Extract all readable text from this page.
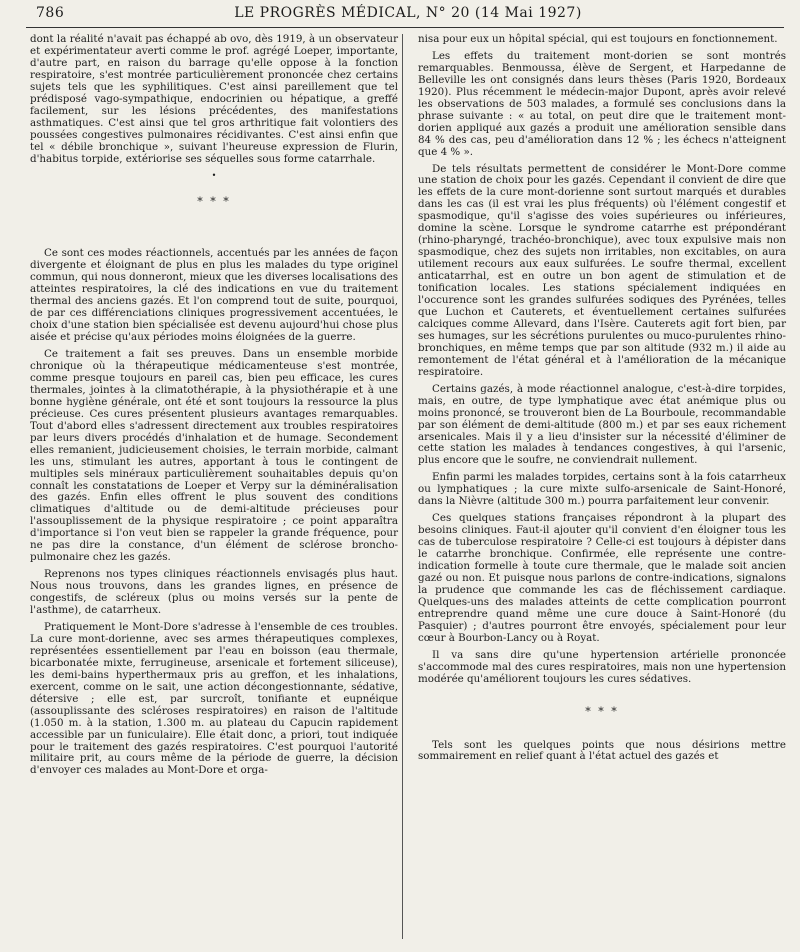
786	LE PROGRÈS MÉDICAL, N° 20 (14 Mai 1927)

dont la réalité n'avait pas échappé ab ovo, dès 1919, à un observateur et expérimentateur averti comme le prof. agrégé Loeper, importante, d'autre part, en raison du barrage qu'elle oppose à la fonction respiratoire, s'est montrée particulièrement prononcée chez certains sujets tels que les syphilitiques. C'est ainsi pareillement que tel prédisposé vago-sympathique, endocrinien ou hépatique, a greffé facilement, sur les lésions précédentes, des manifestations asthmatiques. C'est ainsi que tel gros arthritique fait volontiers des poussées congestives pulmonaires récidivantes. C'est ainsi enfin que tel « débile bronchique », suivant l'heureuse expression de Flurin, d'habitus torpide, extériorise ses séquelles sous forme catarrhale.

•
* * *

Ce sont ces modes réactionnels, accentués par les années de façon divergente et éloignant de plus en plus les malades du type originel commun, qui nous donneront, mieux que les diverses localisations des atteintes respiratoires, la clé des indications en vue du traitement thermal des anciens gazés. Et l'on comprend tout de suite, pourquoi, de par ces différenciations cliniques progressivement accentuées, le choix d'une station bien spécialisée est devenu aujourd'hui chose plus aisée et précise qu'aux périodes moins éloignées de la guerre.

Ce traitement a fait ses preuves. Dans un ensemble morbide chronique où la thérapeutique médicamenteuse s'est montrée, comme presque toujours en pareil cas, bien peu efficace, les cures thermales, jointes à la climatothérapie, à la physiothérapie et à une bonne hygiène générale, ont été et sont toujours la ressource la plus précieuse. Ces cures présentent plusieurs avantages remarquables. Tout d'abord elles s'adressent directement aux troubles respiratoires par leurs divers procédés d'inhalation et de humage. Secondement elles remanient, judicieusement choisies, le terrain morbide, calmant les uns, stimulant les autres, apportant à tous le contingent de multiples sels minéraux particulièrement souhaitables depuis qu'on connaît les constatations de Loeper et Verpy sur la déminéralisation des gazés. Enfin elles offrent le plus souvent des conditions climatiques d'altitude ou de demi-altitude précieuses pour l'assouplissement de la physique respiratoire ; ce point apparaîtra d'importance si l'on veut bien se rappeler la grande fréquence, pour ne pas dire la constance, d'un élément de sclérose broncho-pulmonaire chez les gazés.

Reprenons nos types cliniques réactionnels envisagés plus haut. Nous nous trouvons, dans les grandes lignes, en présence de congestifs, de scléreux (plus ou moins versés sur la pente de l'asthme), de catarrheux.

Pratiquement le Mont-Dore s'adresse à l'ensemble de ces troubles. La cure mont-dorienne, avec ses armes thérapeutiques complexes, représentées essentiellement par l'eau en boisson (eau thermale, bicarbonatée mixte, ferrugineuse, arsenicale et fortement siliceuse), les demi-bains hyperthermaux pris au greffon, et les inhalations, exercent, comme on le sait, une action décongestionnante, sédative, détersive ; elle est, par surcroît, tonifiante et eupnéique (assouplissante des scléroses respiratoires) en raison de l'altitude (1.050 m. à la station, 1.300 m. au plateau du Capucin rapidement accessible par un funiculaire). Elle était donc, a priori, tout indiquée pour le traitement des gazés respiratoires. C'est pourquoi l'autorité militaire prit, au cours même de la période de guerre, la décision d'envoyer ces malades au Mont-Dore et orga-

nisa pour eux un hôpital spécial, qui est toujours en fonctionnement.

Les effets du traitement mont-dorien se sont montrés remarquables. Benmoussa, élève de Sergent, et Harpedanne de Belleville les ont consignés dans leurs thèses (Paris 1920, Bordeaux 1920). Plus récemment le médecin-major Dupont, après avoir relevé les observations de 503 malades, a formulé ses conclusions dans la phrase suivante : « au total, on peut dire que le traitement mont-dorien appliqué aux gazés a produit une amélioration sensible dans 84 % des cas, peu d'amélioration dans 12 % ; les échecs n'atteignent que 4 % ».

De tels résultats permettent de considérer le Mont-Dore comme une station de choix pour les gazés. Cependant il convient de dire que les effets de la cure mont-dorienne sont surtout marqués et durables dans les cas (il est vrai les plus fréquents) où l'élément congestif et spasmodique, qu'il s'agisse des voies supérieures ou inférieures, domine la scène. Lorsque le syndrome catarrhe est prépondérant (rhino-pharyngé, trachéo-bronchique), avec toux expulsive mais non spasmodique, chez des sujets non irritables, non excitables, on aura utilement recours aux eaux sulfurées. Le soufre thermal, excellent anticatarrhal, est en outre un bon agent de stimulation et de tonification locales. Les stations spécialement indiquées en l'occurence sont les grandes sulfurées sodiques des Pyrénées, telles que Luchon et Cauterets, et éventuellement certaines sulfurées calciques comme Allevard, dans l'Isère. Cauterets agit fort bien, par ses humages, sur les sécrétions purulentes ou muco-purulentes rhino-bronchiques, en même temps que par son altitude (932 m.) il aide au remontement de l'état général et à l'amélioration de la mécanique respiratoire.

Certains gazés, à mode réactionnel analogue, c'est-à-dire torpides, mais, en outre, de type lymphatique avec état anémique plus ou moins prononcé, se trouveront bien de La Bourboule, recommandable par son élément de demi-altitude (800 m.) et par ses eaux richement arsenicales. Mais il y a lieu d'insister sur la nécessité d'éliminer de cette station les malades à tendances congestives, à qui l'arsenic, plus encore que le soufre, ne conviendrait nullement.

Enfin parmi les malades torpides, certains sont à la fois catarrheux ou lymphatiques ; la cure mixte sulfo-arsenicale de Saint-Honoré, dans la Nièvre (altitude 300 m.) pourra parfaitement leur convenir.

Ces quelques stations françaises répondront à la plupart des besoins cliniques. Faut-il ajouter qu'il convient d'en éloigner tous les cas de tuberculose respiratoire ? Celle-ci est toujours à dépister dans le catarrhe bronchique. Confirmée, elle représente une contre-indication formelle à toute cure thermale, que le malade soit ancien gazé ou non. Et puisque nous parlons de contre-indications, signalons la prudence que commande les cas de fléchissement cardiaque. Quelques-uns des malades atteints de cette complication pourront entreprendre quand même une cure douce à Saint-Honoré (du Pasquier) ; d'autres pourront être envoyés, spécialement pour leur cœur à Bourbon-Lancy ou à Royat.

Il va sans dire qu'une hypertension artérielle prononcée s'accommode mal des cures respiratoires, mais non une hypertension modérée qu'améliorent toujours les cures sédatives.

* * *

Tels sont les quelques points que nous désirions mettre sommairement en relief quant à l'état actuel des gazés et
